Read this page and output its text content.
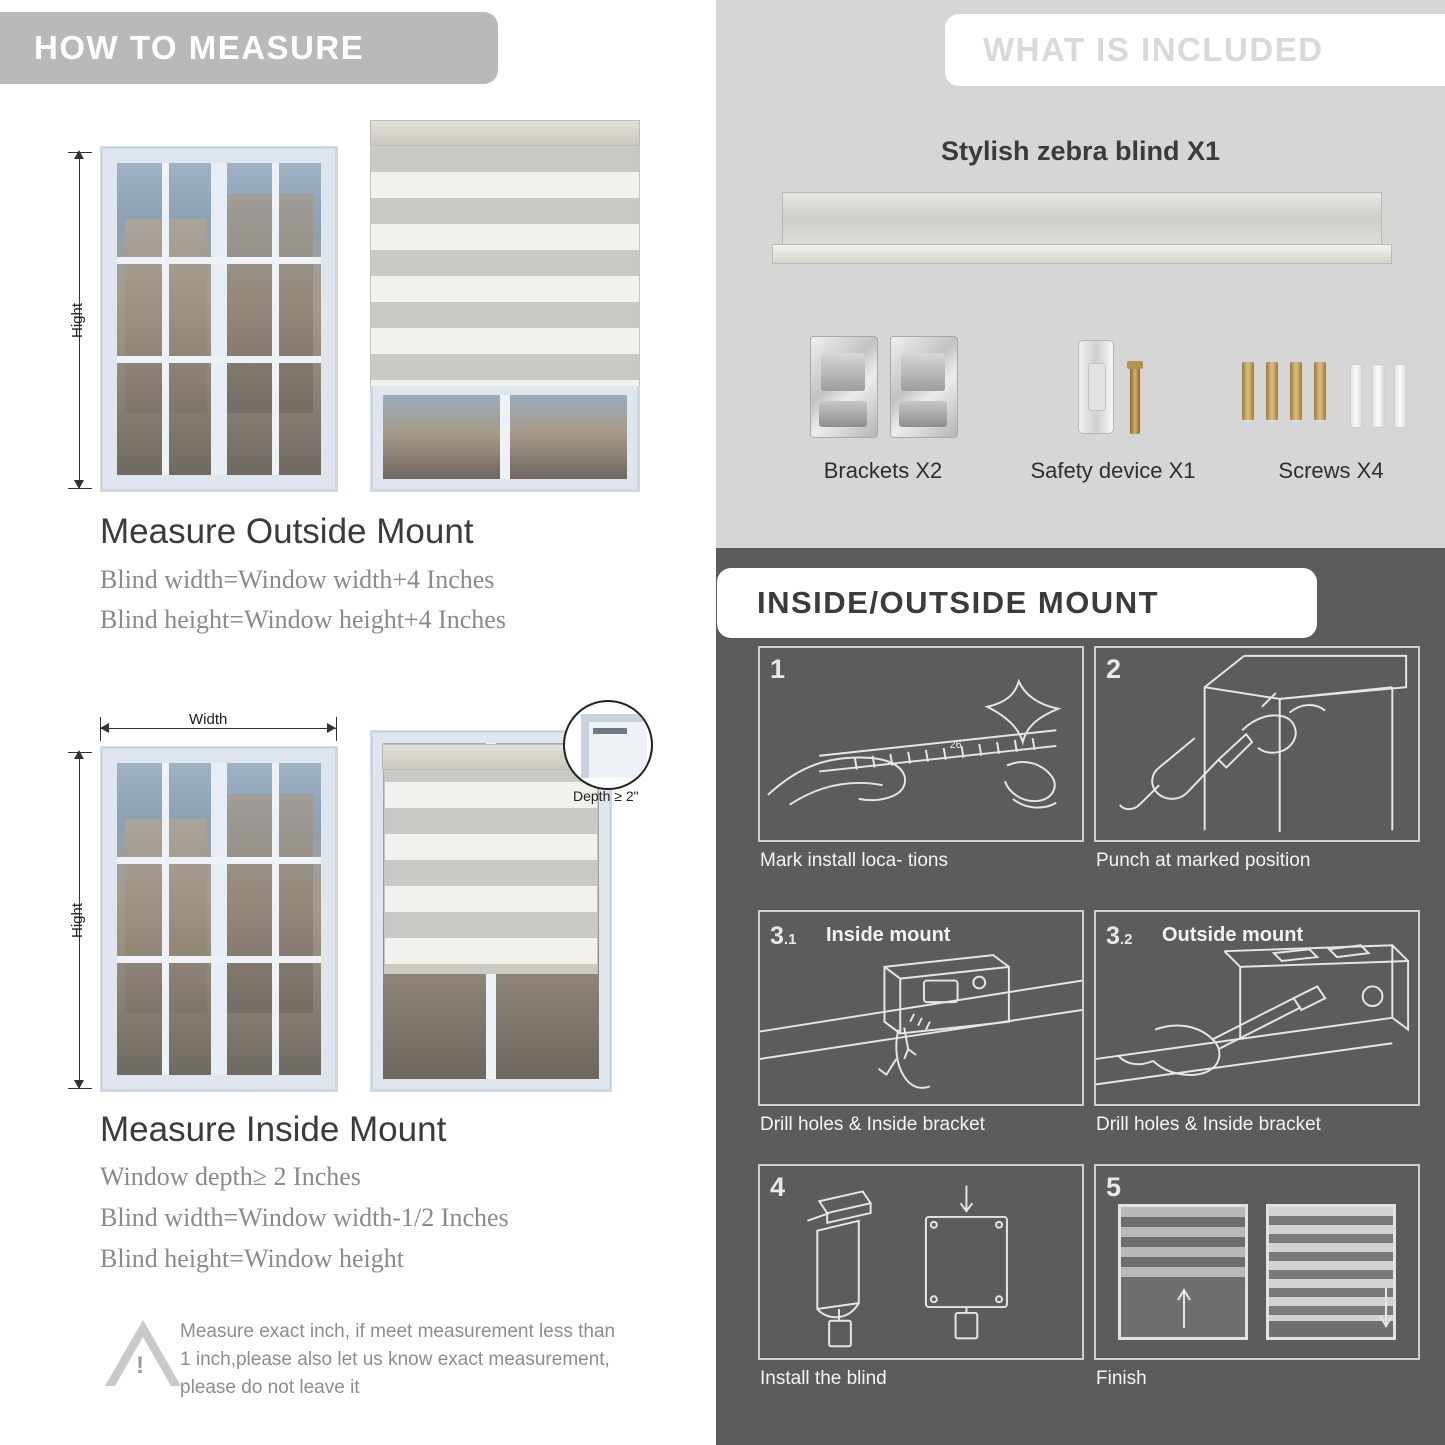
HOW TO MEASURE
Hight
Measure Outside Mount
Blind width=Window width+4 Inches
Blind height=Window height+4 Inches
Width
Hight
Depth ≥ 2"
Measure Inside Mount
Window depth≥ 2 Inches
Blind width=Window width-1/2 Inches
Blind height=Window height
!
Measure exact inch, if meet measurement less than 1 inch,please also let us know exact measurement, please do not leave it
WHAT IS INCLUDED
Stylish zebra blind X1
Brackets X2	Safety device X1	Screws X4
INSIDE/OUTSIDE MOUNT
26
1
Mark install loca- tions
2
Punch at marked position
3.1 Inside mount
Drill holes & Inside bracket
3.2 Outside mount
Drill holes & Inside bracket
4
Install the blind
5
Finish
